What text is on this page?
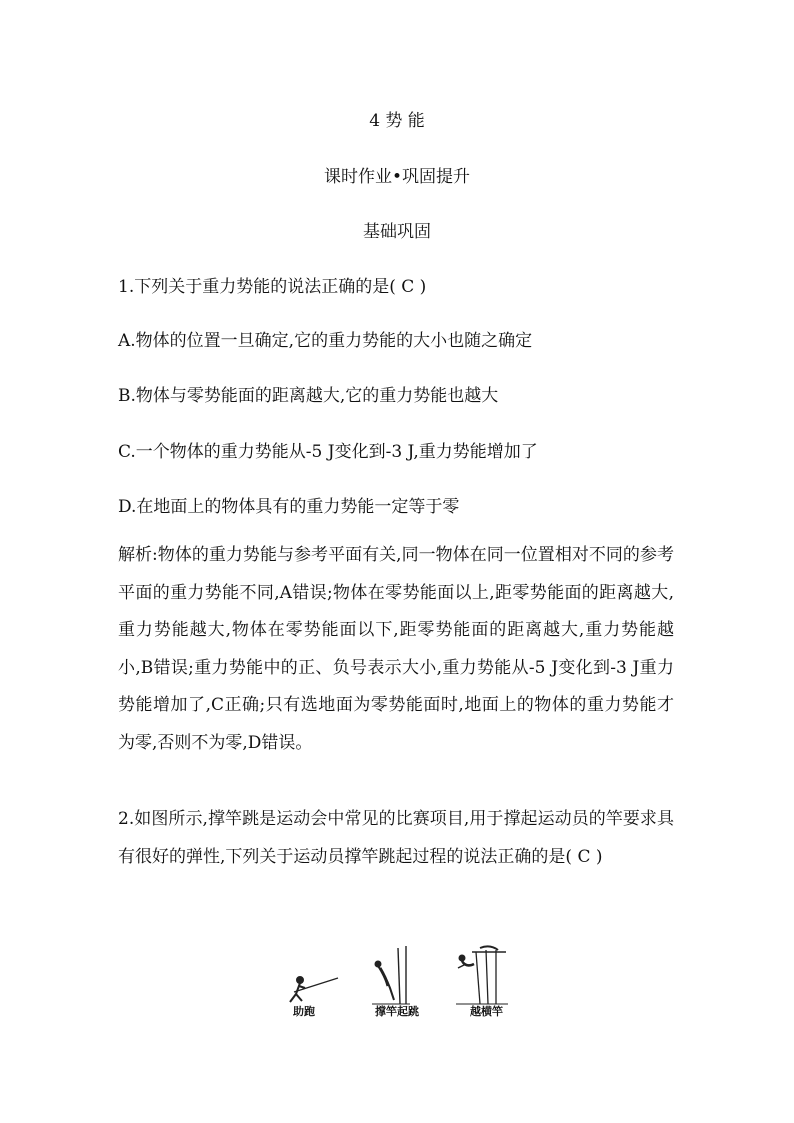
4 势 能
课时作业•巩固提升
基础巩固
1.下列关于重力势能的说法正确的是( C )
A.物体的位置一旦确定,它的重力势能的大小也随之确定
B.物体与零势能面的距离越大,它的重力势能也越大
C.一个物体的重力势能从-5 J变化到-3 J,重力势能增加了
D.在地面上的物体具有的重力势能一定等于零
解析:物体的重力势能与参考平面有关,同一物体在同一位置相对不同的参考平面的重力势能不同,A错误;物体在零势能面以上,距零势能面的距离越大,重力势能越大,物体在零势能面以下,距零势能面的距离越大,重力势能越小,B错误;重力势能中的正、负号表示大小,重力势能从-5 J变化到-3 J重力势能增加了,C正确;只有选地面为零势能面时,地面上的物体的重力势能才为零,否则不为零,D错误。
2.如图所示,撑竿跳是运动会中常见的比赛项目,用于撑起运动员的竿要求具有很好的弹性,下列关于运动员撑竿跳起过程的说法正确的是( C )
助跑	撑竿起跳	越横竿
